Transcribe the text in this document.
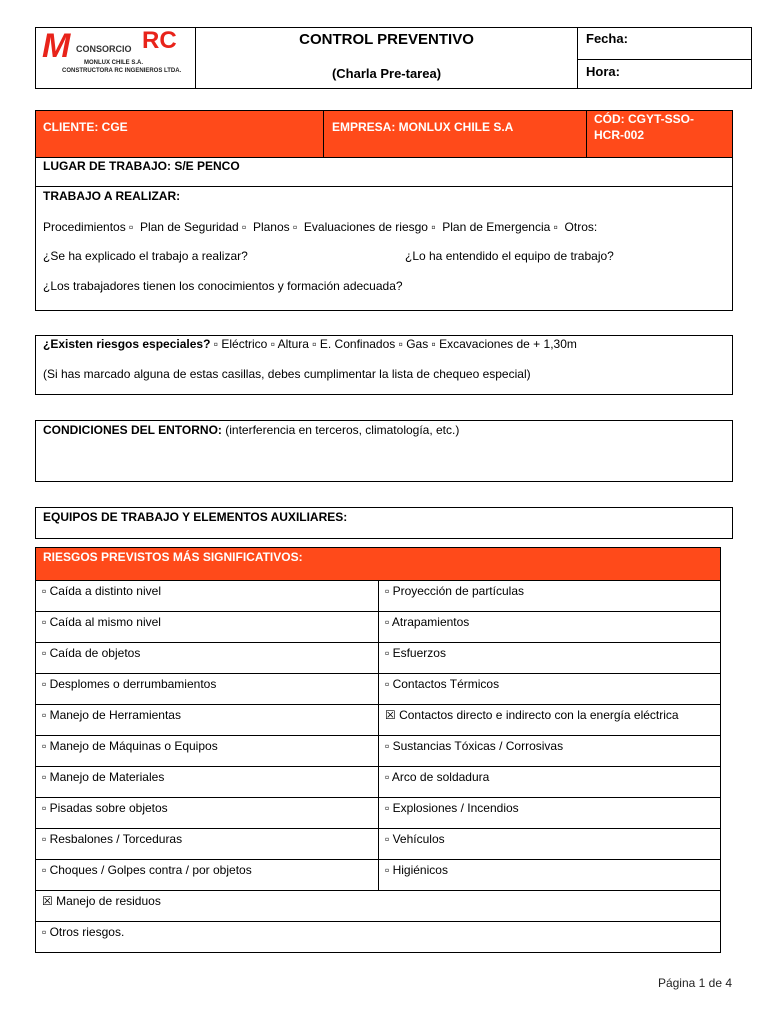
M CONSORCIO RC
MONLUX CHILE S.A.
CONSTRUCTORA RC INGENIEROS LTDA.
CONTROL PREVENTIVO
(Charla Pre-tarea)
Fecha:
Hora:
CLIENTE: CGE	EMPRESA: MONLUX CHILE S.A
CÓD: CGYT-SSO-
HCR-002
LUGAR DE TRABAJO: S/E PENCO
TRABAJO A REALIZAR:
Procedimientos ▫  Plan de Seguridad ▫  Planos ▫  Evaluaciones de riesgo ▫  Plan de Emergencia ▫  Otros:
¿Se ha explicado el trabajo a realizar?	¿Lo ha entendido el equipo de trabajo?
¿Los trabajadores tienen los conocimientos y formación adecuada?
¿Existen riesgos especiales? ▫ Eléctrico ▫ Altura ▫ E. Confinados ▫ Gas ▫ Excavaciones de + 1,30m
(Si has marcado alguna de estas casillas, debes cumplimentar la lista de chequeo especial)
CONDICIONES DEL ENTORNO: (interferencia en terceros, climatología, etc.)
EQUIPOS DE TRABAJO Y ELEMENTOS AUXILIARES:
RIESGOS PREVISTOS MÁS SIGNIFICATIVOS:
▫ Caída a distinto nivel	▫ Proyección de partículas
▫ Caída al mismo nivel	▫ Atrapamientos
▫ Caída de objetos	▫ Esfuerzos
▫ Desplomes o derrumbamientos	▫ Contactos Térmicos
▫ Manejo de Herramientas	☒ Contactos directo e indirecto con la energía eléctrica
▫ Manejo de Máquinas o Equipos	▫ Sustancias Tóxicas / Corrosivas
▫ Manejo de Materiales	▫ Arco de soldadura
▫ Pisadas sobre objetos	▫ Explosiones / Incendios
▫ Resbalones / Torceduras	▫ Vehículos
▫ Choques / Golpes contra / por objetos	▫ Higiénicos
☒ Manejo de residuos	
▫ Otros riesgos.	
Página 1 de 4
